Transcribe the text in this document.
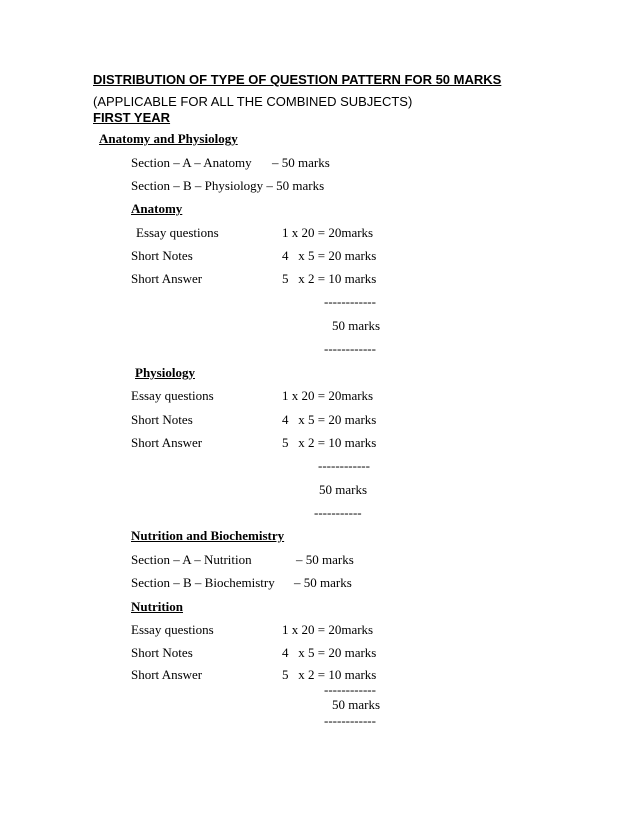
DISTRIBUTION OF TYPE OF QUESTION PATTERN FOR 50 MARKS
(APPLICABLE FOR ALL THE COMBINED SUBJECTS)
FIRST YEAR
Anatomy and Physiology
Section – A – Anatomy – 50 marks
Section – B – Physiology – 50 marks
Anatomy
Essay questions	1 x 20 = 20marks
Short Notes	4   x 5 = 20 marks
Short Answer	5   x 2 = 10 marks
------------
50 marks
------------
Physiology
Essay questions	1 x 20 = 20marks
Short Notes	4   x 5 = 20 marks
Short Answer	5   x 2 = 10 marks
------------
50 marks
-----------
Nutrition and Biochemistry
Section – A – Nutrition	– 50 marks
Section – B – Biochemistry – 50 marks
Nutrition
Essay questions	1 x 20 = 20marks
Short Notes	4   x 5 = 20 marks
Short Answer	5   x 2 = 10 marks
------------
50 marks
------------
